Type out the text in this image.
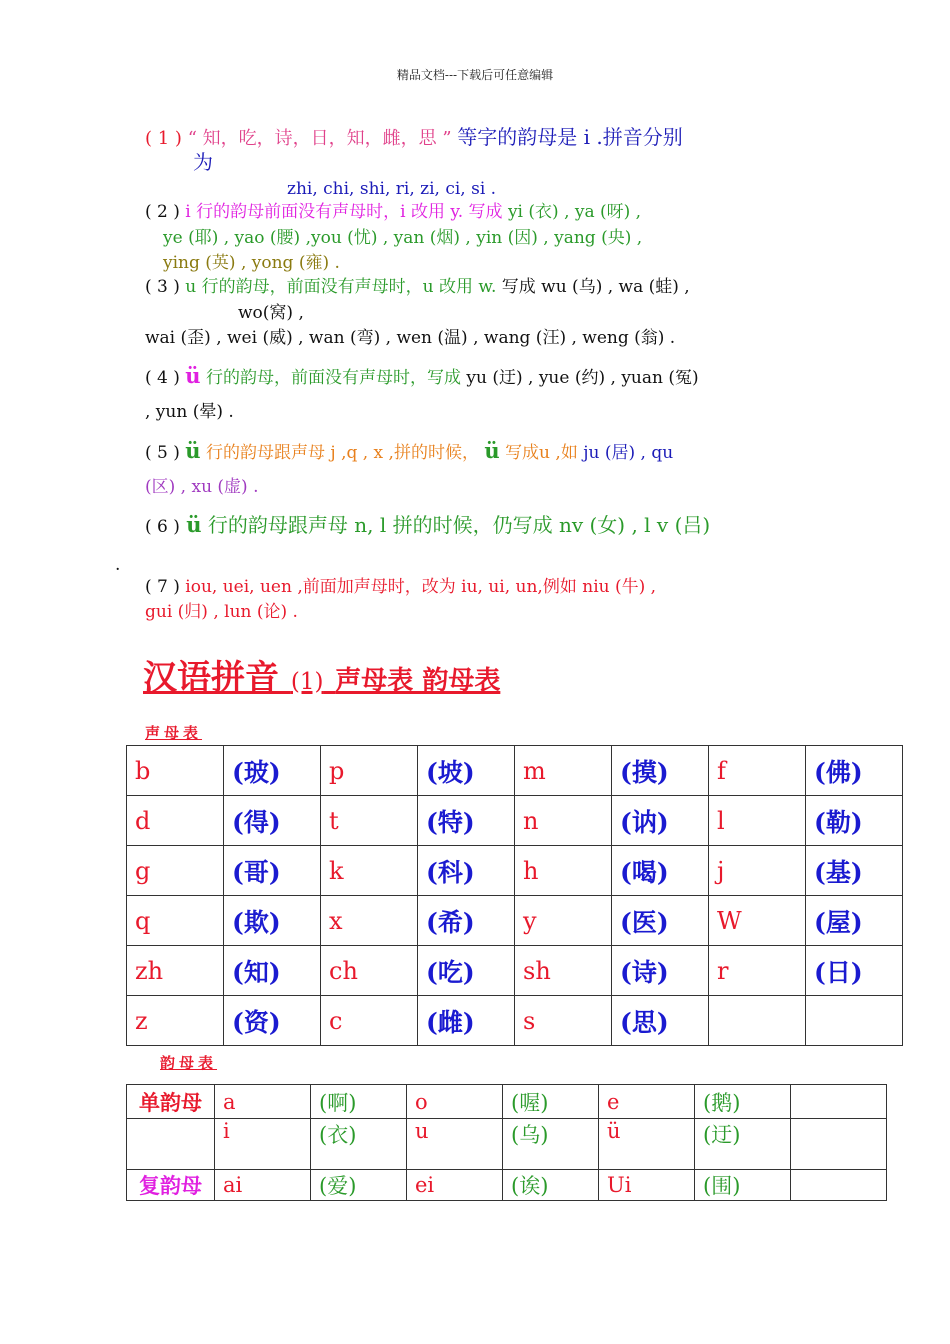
精品文档---下载后可任意编辑
( 1 ) “ 知，吃，诗，日，知，雌，思 ” 等字的韵母是 i .拼音分别
为
zhi, chi, shi, ri, zi, ci, si .
( 2 ) i 行的韵母前面没有声母时，i 改用 y. 写成 yi (衣) , ya (呀) ,
ye (耶) , yao (腰) ,you (忧) , yan (烟) , yin (因) , yang (央) ,
ying (英) , yong (雍) .
( 3 ) u 行的韵母，前面没有声母时，u 改用 w. 写成 wu (乌) , wa (蛙) ,
wo(窝) ,
wai (歪) , wei (威) , wan (弯) , wen (温) , wang (汪) , weng (翁) .
( 4 ) ü 行的韵母，前面没有声母时，写成 yu (迂) , yue (约) , yuan (冤)
, yun (晕) .
( 5 ) ü 行的韵母跟声母 j ,q , x ,拼的时候， ü 写成u ,如 ju (居) , qu
(区) , xu (虚) .
( 6 ) ü 行的韵母跟声母 n, l 拼的时候，仍写成 nv (女) , l v (吕)
.
( 7 ) iou, uei, uen ,前面加声母时，改为 iu, ui, un,例如 niu (牛) ,
gui (归) , lun (论) .
汉语拼音 (1) 声母表 韵母表
声母表
b	(玻)	p	(坡)	m	(摸)	f	(佛)
d	(得)	t	(特)	n	(讷)	l	(勒)
g	(哥)	k	(科)	h	(喝)	j	(基)
q	(欺)	x	(希)	y	(医)	W	(屋)
zh	(知)	ch	(吃)	sh	(诗)	r	(日)
z	(资)	c	(雌)	s	(思)		
韵母表
单韵母	a	(啊)	o	(喔)	e	(鹅)	
	i	(衣)	u	(乌)	ü	(迂)	
复韵母	ai	(爱)	ei	(诶)	Ui	(围)	
